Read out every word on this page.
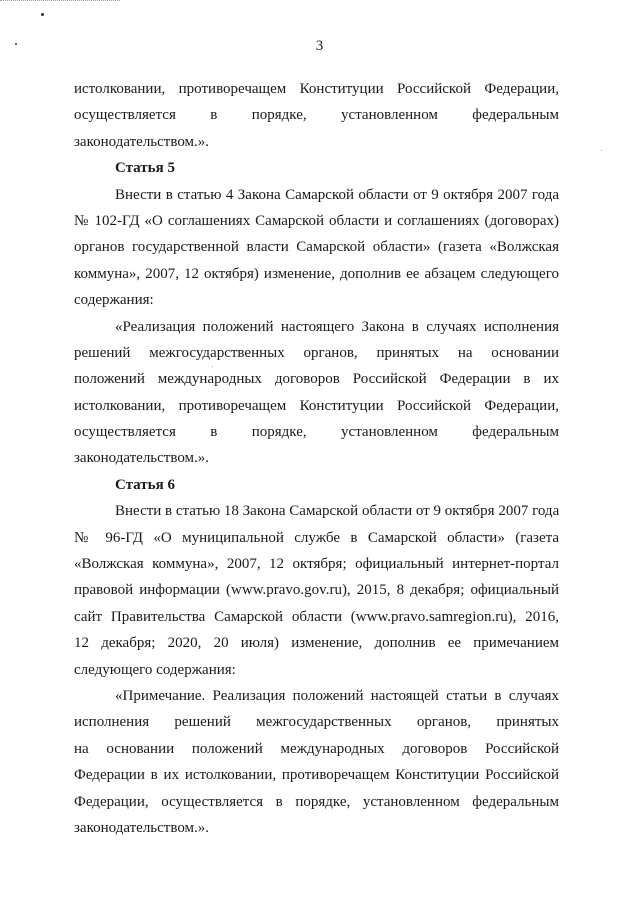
3
истолковании, противоречащем Конституции Российской Федерации,
осуществляется в порядке, установленном федеральным
законодательством.».
Статья 5
Внести в статью 4 Закона Самарской области от 9 октября 2007 года
№ 102-ГД «О соглашениях Самарской области и соглашениях (договорах)
органов государственной власти Самарской области» (газета «Волжская
коммуна», 2007, 12 октября) изменение, дополнив ее абзацем следующего
содержания:
«Реализация положений настоящего Закона в случаях исполнения
решений межгосударственных органов, принятых на основании
положений международных договоров Российской Федерации в их
истолковании, противоречащем Конституции Российской Федерации,
осуществляется в порядке, установленном федеральным
законодательством.».
Статья 6
Внести в статью 18 Закона Самарской области от 9 октября 2007 года
№ 96-ГД «О муниципальной службе в Самарской области» (газета
«Волжская коммуна», 2007, 12 октября; официальный интернет-портал
правовой информации (www.pravo.gov.ru), 2015, 8 декабря; официальный
сайт Правительства Самарской области (www.pravo.samregion.ru), 2016,
12 декабря; 2020, 20 июля) изменение, дополнив ее примечанием
следующего содержания:
«Примечание. Реализация положений настоящей статьи в случаях
исполнения решений межгосударственных органов, принятых
на основании положений международных договоров Российской
Федерации в их истолковании, противоречащем Конституции Российской
Федерации, осуществляется в порядке, установленном федеральным
законодательством.».
